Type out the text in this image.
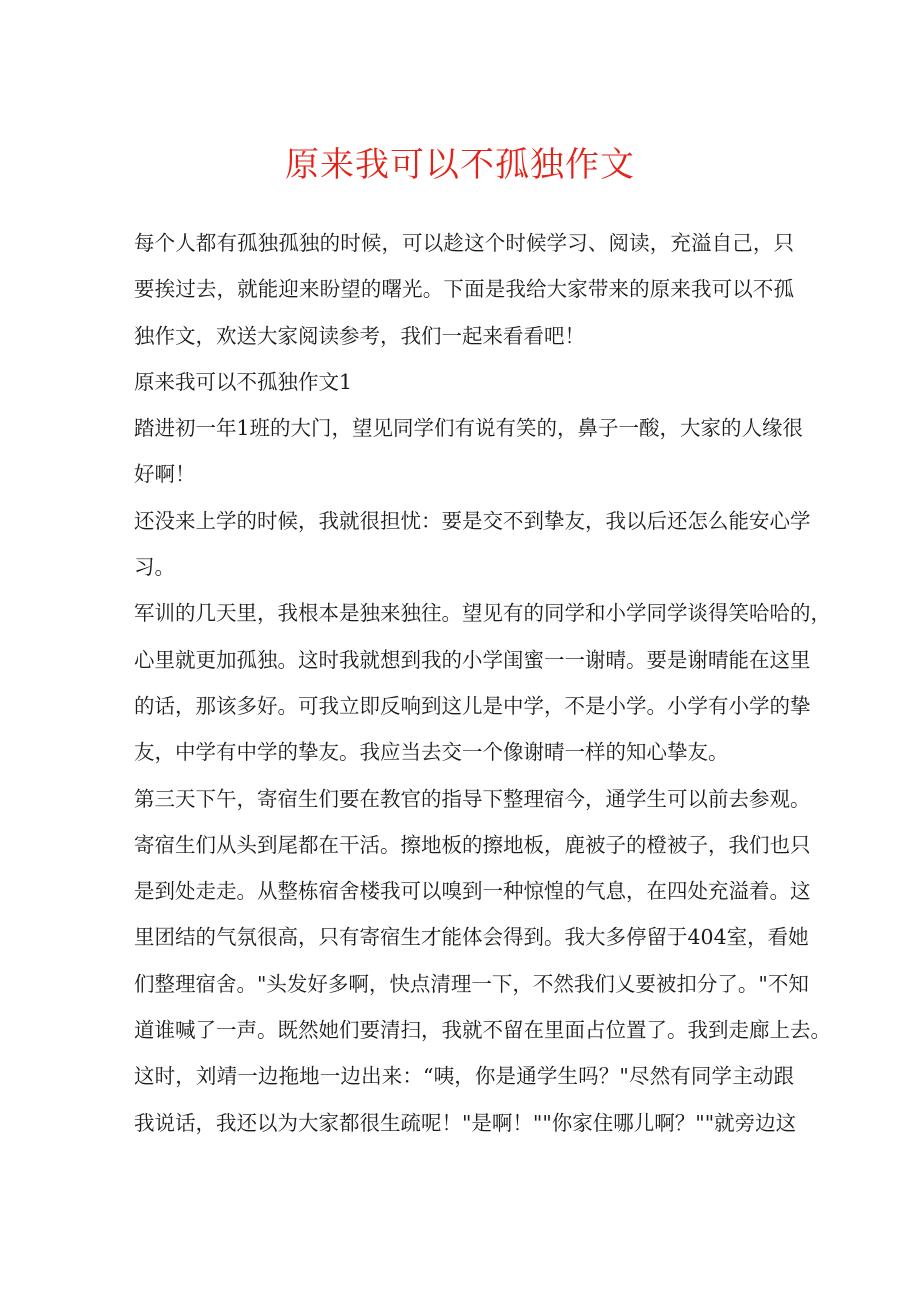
原来我可以不孤独作文
每个人都有孤独孤独的时候，可以趁这个时候学习、阅读，充溢自己，只
要挨过去，就能迎来盼望的曙光。下面是我给大家带来的原来我可以不孤
独作文，欢送大家阅读参考，我们一起来看看吧！
原来我可以不孤独作文1
踏进初一年1班的大门，望见同学们有说有笑的，鼻子一酸，大家的人缘很
好啊！
还没来上学的时候，我就很担忧：要是交不到挚友，我以后还怎么能安心学
习。
军训的几天里，我根本是独来独往。望见有的同学和小学同学谈得笑哈哈的，
心里就更加孤独。这时我就想到我的小学闺蜜一一谢晴。要是谢晴能在这里
的话，那该多好。可我立即反响到这儿是中学，不是小学。小学有小学的挚
友，中学有中学的挚友。我应当去交一个像谢晴一样的知心挚友。
第三天下午，寄宿生们要在教官的指导下整理宿今，通学生可以前去参观。
寄宿生们从头到尾都在干活。擦地板的擦地板，鹿被子的橙被子，我们也只
是到处走走。从整栋宿舍楼我可以嗅到一种惊惶的气息，在四处充溢着。这
里团结的气氛很高，只有寄宿生才能体会得到。我大多停留于404室，看她
们整理宿舍。"头发好多啊，快点清理一下，不然我们乂要被扣分了。"不知
道谁喊了一声。既然她们要清扫，我就不留在里面占位置了。我到走廊上去。
这时，刘靖一边拖地一边出来：“咦，你是通学生吗？"尽然有同学主动跟
我说话，我还以为大家都很生疏呢！"是啊！""你家住哪儿啊？""就旁边这
